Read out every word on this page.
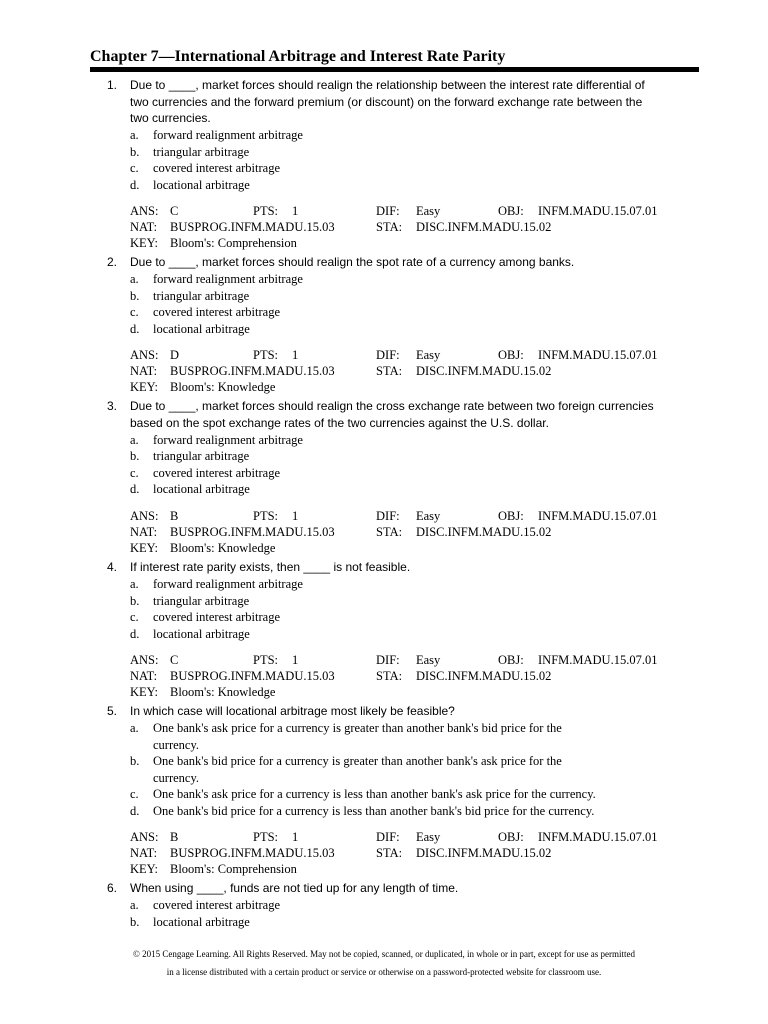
Chapter 7—International Arbitrage and Interest Rate Parity
1. Due to ____, market forces should realign the relationship between the interest rate differential of
two currencies and the forward premium (or discount) on the forward exchange rate between the
two currencies.
a. forward realignment arbitrage
b. triangular arbitrage
c. covered interest arbitrage
d. locational arbitrage
ANS: C	PTS: 1	DIF: Easy	OBJ: INFM.MADU.15.07.01
NAT: BUSPROG.INFM.MADU.15.03	STA: DISC.INFM.MADU.15.02
KEY: Bloom's: Comprehension
2. Due to ____, market forces should realign the spot rate of a currency among banks.
a. forward realignment arbitrage
b. triangular arbitrage
c. covered interest arbitrage
d. locational arbitrage
ANS: D	PTS: 1	DIF: Easy	OBJ: INFM.MADU.15.07.01
NAT: BUSPROG.INFM.MADU.15.03	STA: DISC.INFM.MADU.15.02
KEY: Bloom's: Knowledge
3. Due to ____, market forces should realign the cross exchange rate between two foreign currencies
based on the spot exchange rates of the two currencies against the U.S. dollar.
a. forward realignment arbitrage
b. triangular arbitrage
c. covered interest arbitrage
d. locational arbitrage
ANS: B	PTS: 1	DIF: Easy	OBJ: INFM.MADU.15.07.01
NAT: BUSPROG.INFM.MADU.15.03	STA: DISC.INFM.MADU.15.02
KEY: Bloom's: Knowledge
4. If interest rate parity exists, then ____ is not feasible.
a. forward realignment arbitrage
b. triangular arbitrage
c. covered interest arbitrage
d. locational arbitrage
ANS: C	PTS: 1	DIF: Easy	OBJ: INFM.MADU.15.07.01
NAT: BUSPROG.INFM.MADU.15.03	STA: DISC.INFM.MADU.15.02
KEY: Bloom's: Knowledge
5. In which case will locational arbitrage most likely be feasible?
a. One bank's ask price for a currency is greater than another bank's bid price for the
currency.
b. One bank's bid price for a currency is greater than another bank's ask price for the
currency.
c. One bank's ask price for a currency is less than another bank's ask price for the currency.
d. One bank's bid price for a currency is less than another bank's bid price for the currency.
ANS: B	PTS: 1	DIF: Easy	OBJ: INFM.MADU.15.07.01
NAT: BUSPROG.INFM.MADU.15.03	STA: DISC.INFM.MADU.15.02
KEY: Bloom's: Comprehension
6. When using ____, funds are not tied up for any length of time.
a. covered interest arbitrage
b. locational arbitrage
© 2015 Cengage Learning. All Rights Reserved. May not be copied, scanned, or duplicated, in whole or in part, except for use as permitted
in a license distributed with a certain product or service or otherwise on a password-protected website for classroom use.
